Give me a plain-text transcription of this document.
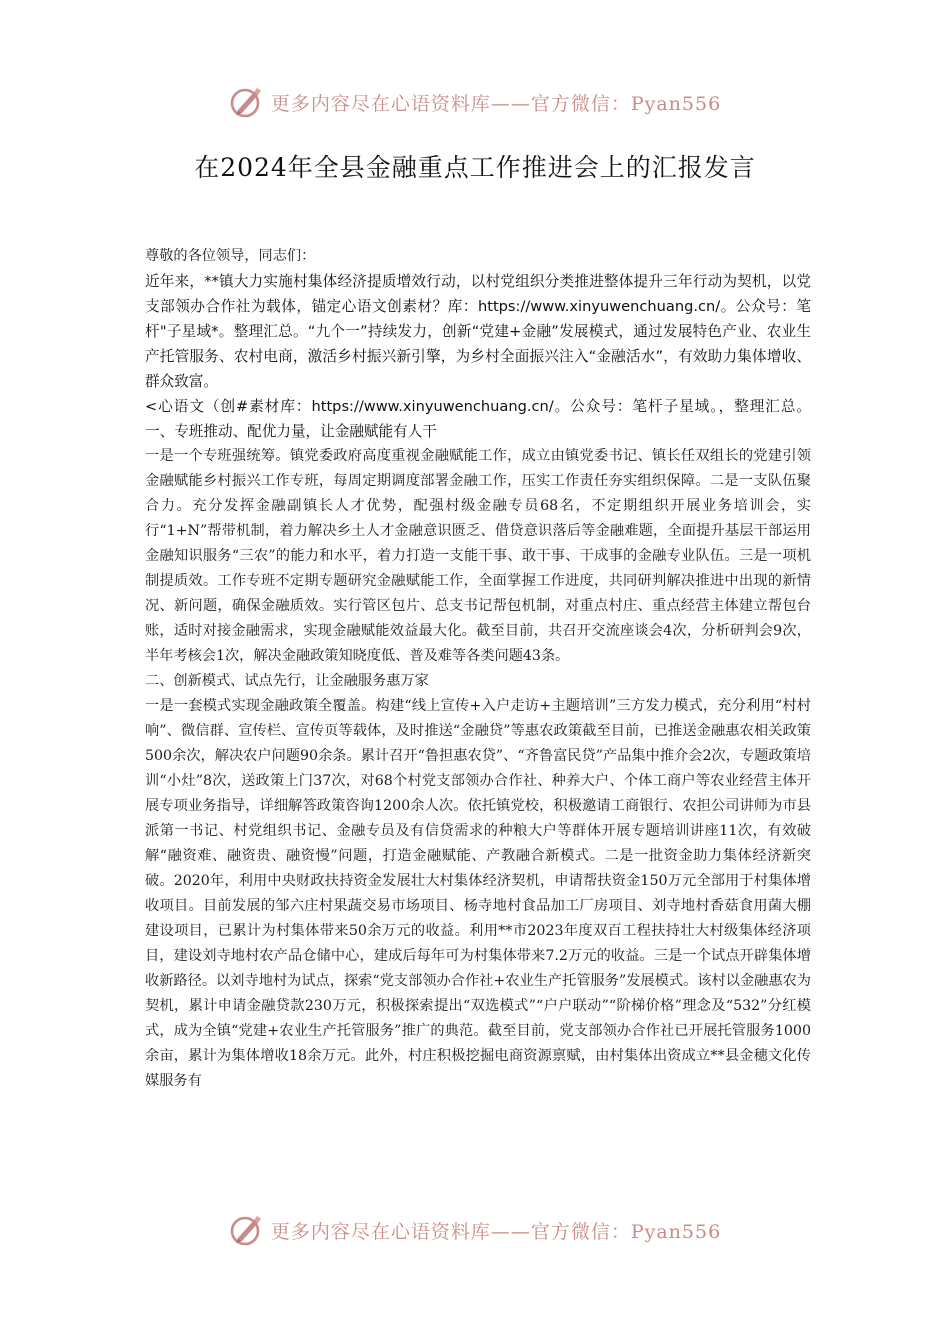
更多内容尽在心语资料库——官方微信：Pyan556
在2024年全县金融重点工作推进会上的汇报发言

尊敬的各位领导，同志们：

近年来，**镇大力实施村集体经济提质增效行动，以村党组织分类推进整体提升三年行动为契机，以党支部领办合作社为载体，锚定心语文创素材？库：https://www.xinyuwenchuang.cn/。公众号：笔杆"子星域*。整理汇总。“九个一”持续发力，创新“党建+金融”发展模式，通过发展特色产业、农业生产托管服务、农村电商，激活乡村振兴新引擎，为乡村全面振兴注入“金融活水”，有效助力集体增收、群众致富。

<心语文（创#素材库：https://www.xinyuwenchuang.cn/。公众号：笔杆子星域。，整理汇总。一、专班推动、配优力量，让金融赋能有人干

一是一个专班强统筹。镇党委政府高度重视金融赋能工作，成立由镇党委书记、镇长任双组长的党建引领金融赋能乡村振兴工作专班，每周定期调度部署金融工作，压实工作责任夯实组织保障。二是一支队伍聚合力。充分发挥金融副镇长人才优势，配强村级金融专员68名，不定期组织开展业务培训会，实行“1+N”帮带机制，着力解决乡土人才金融意识匮乏、借贷意识落后等金融难题，全面提升基层干部运用金融知识服务“三农”的能力和水平，着力打造一支能干事、敢干事、干成事的金融专业队伍。三是一项机制提质效。工作专班不定期专题研究金融赋能工作，全面掌握工作进度，共同研判解决推进中出现的新情况、新问题，确保金融质效。实行管区包片、总支书记帮包机制，对重点村庄、重点经营主体建立帮包台账，适时对接金融需求，实现金融赋能效益最大化。截至目前，共召开交流座谈会4次，分析研判会9次，半年考核会1次，解决金融政策知晓度低、普及难等各类问题43条。

二、创新模式、试点先行，让金融服务惠万家

一是一套模式实现金融政策全覆盖。构建“线上宣传+入户走访+主题培训”三方发力模式，充分利用“村村响”、微信群、宣传栏、宣传页等载体，及时推送“金融贷”等惠农政策截至目前，已推送金融惠农相关政策500余次，解决农户问题90余条。累计召开“鲁担惠农贷”、“齐鲁富民贷”产品集中推介会2次，专题政策培训“小灶”8次，送政策上门37次，对68个村党支部领办合作社、种养大户、个体工商户等农业经营主体开展专项业务指导，详细解答政策咨询1200余人次。依托镇党校，积极邀请工商银行、农担公司讲师为市县派第一书记、村党组织书记、金融专员及有信贷需求的种粮大户等群体开展专题培训讲座11次，有效破解“融资难、融资贵、融资慢”问题，打造金融赋能、产教融合新模式。二是一批资金助力集体经济新突破。2020年，利用中央财政扶持资金发展壮大村集体经济契机，申请帮扶资金150万元全部用于村集体增收项目。目前发展的邹六庄村果蔬交易市场项目、杨寺地村食品加工厂房项目、刘寺地村香菇食用菌大棚建设项目，已累计为村集体带来50余万元的收益。利用**市2023年度双百工程扶持壮大村级集体经济项目，建设刘寺地村农产品仓储中心，建成后每年可为村集体带来7.2万元的收益。三是一个试点开辟集体增收新路径。以刘寺地村为试点，探索“党支部领办合作社+农业生产托管服务”发展模式。该村以金融惠农为契机，累计申请金融贷款230万元，积极探索提出“双选模式”“户户联动”“阶梯价格”理念及“532”分红模式，成为全镇“党建+农业生产托管服务”推广的典范。截至目前，党支部领办合作社已开展托管服务1000余亩，累计为集体增收18余万元。此外，村庄积极挖掘电商资源禀赋，由村集体出资成立**县金穗文化传媒服务有

更多内容尽在心语资料库——官方微信：Pyan556
